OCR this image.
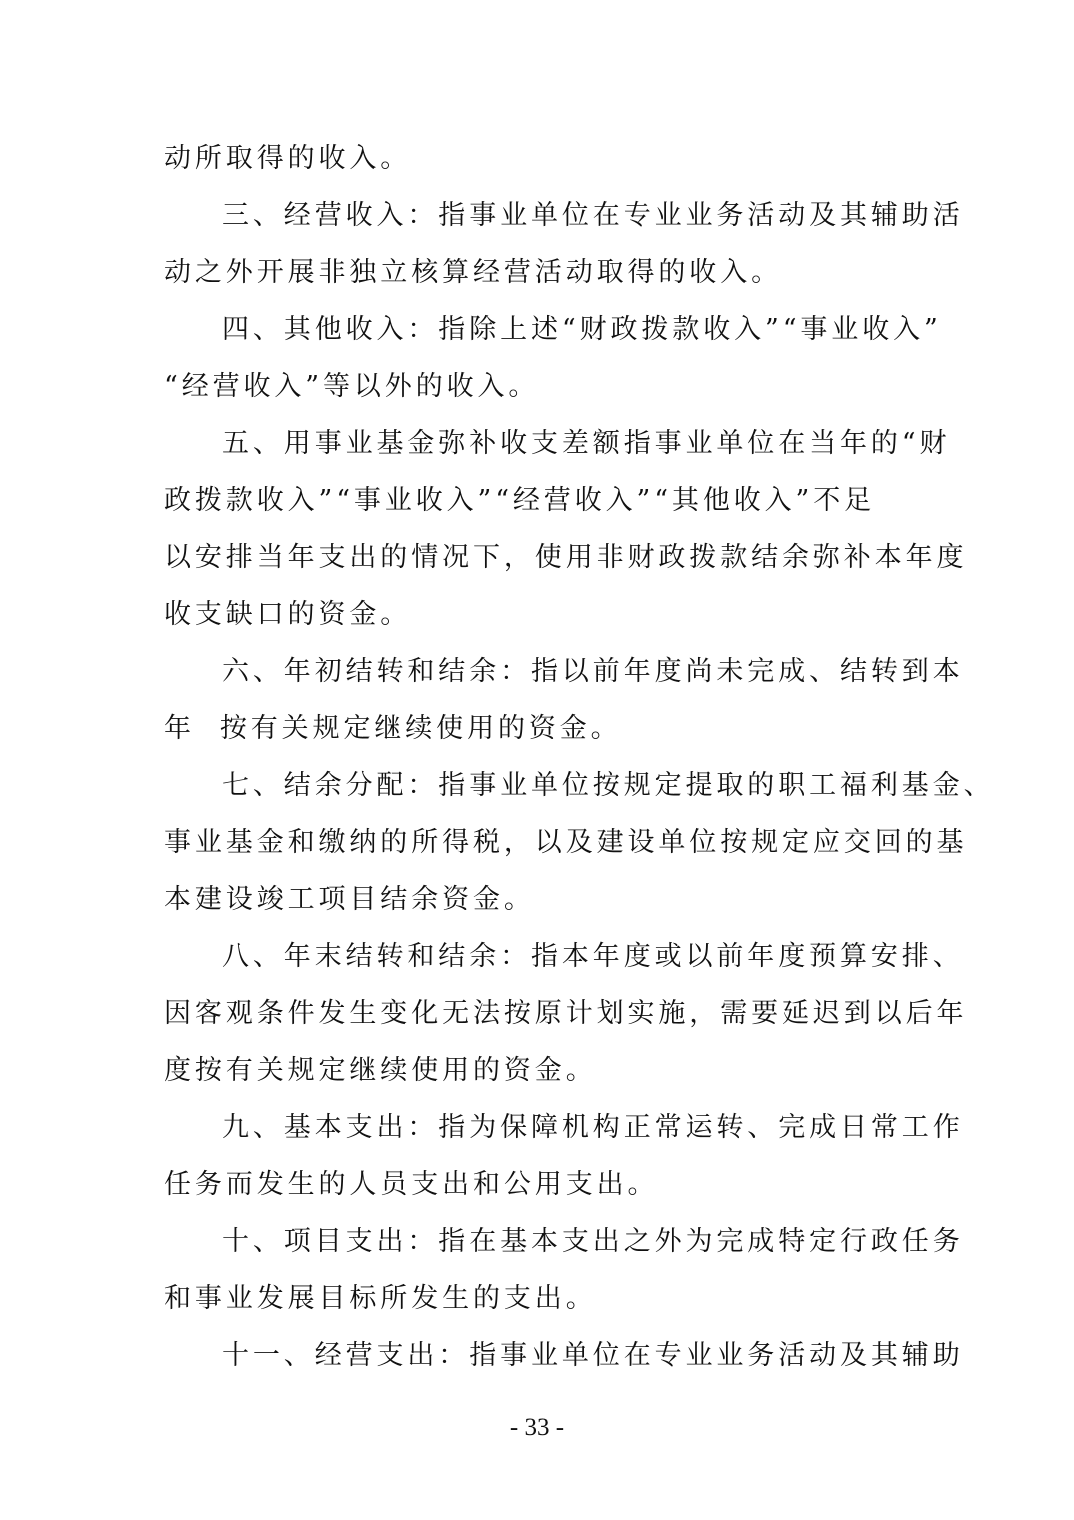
动所取得的收入。
三、经营收入：指事业单位在专业业务活动及其辅助活
动之外开展非独立核算经营活动取得的收入。
四、其他收入：指除上述“财政拨款收入”“事业收入”
“经营收入”等以外的收入。
五、用事业基金弥补收支差额指事业单位在当年的“财
政拨款收入”“事业收入”“经营收入”“其他收入”不足
以安排当年支出的情况下，使用非财政拨款结余弥补本年度
收支缺口的资金。
六、年初结转和结余：指以前年度尚未完成、结转到本
年  按有关规定继续使用的资金。
七、结余分配：指事业单位按规定提取的职工福利基金、
事业基金和缴纳的所得税，以及建设单位按规定应交回的基
本建设竣工项目结余资金。
八、年末结转和结余：指本年度或以前年度预算安排、
因客观条件发生变化无法按原计划实施，需要延迟到以后年
度按有关规定继续使用的资金。
九、基本支出：指为保障机构正常运转、完成日常工作
任务而发生的人员支出和公用支出。
十、项目支出：指在基本支出之外为完成特定行政任务
和事业发展目标所发生的支出。
十一、经营支出：指事业单位在专业业务活动及其辅助
- 33 -
